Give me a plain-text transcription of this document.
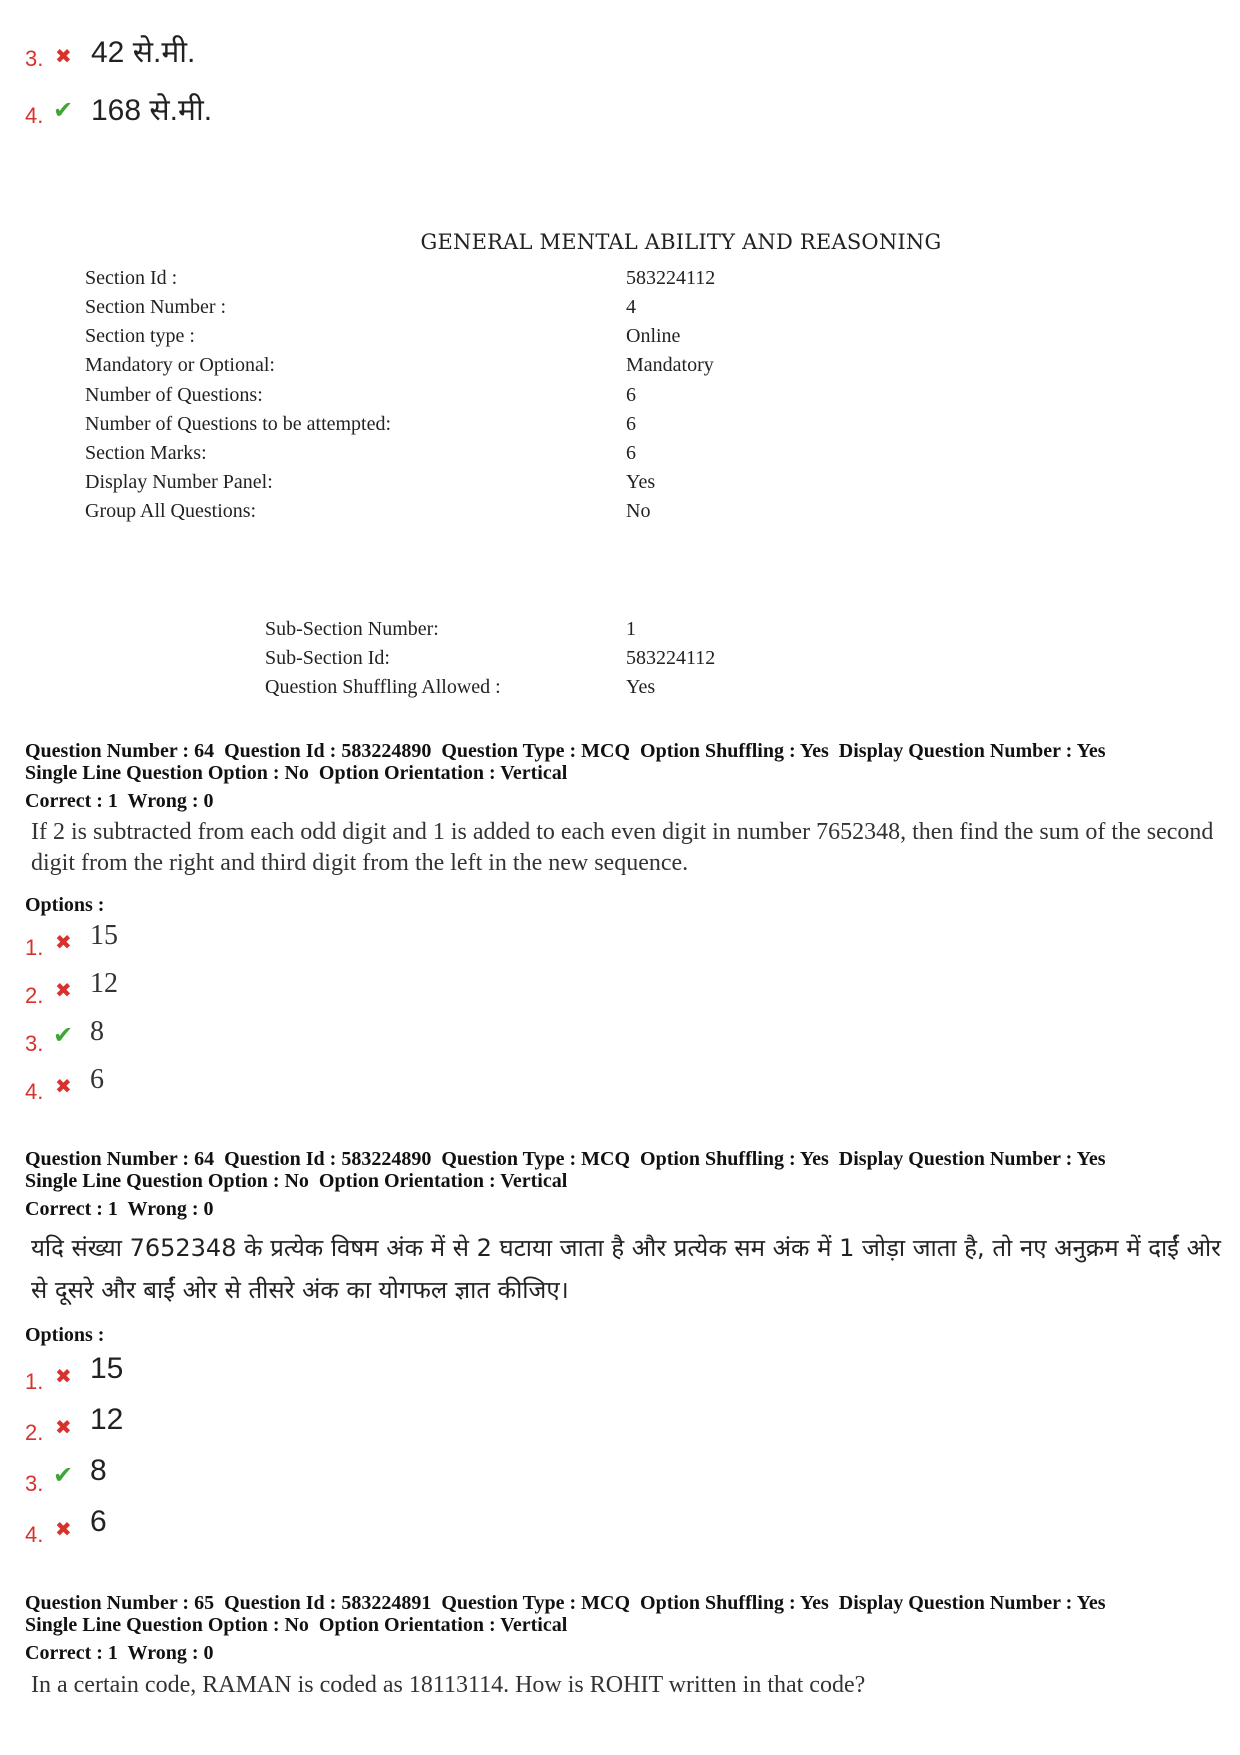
3. ✖ 42 से.मी.
4. ✔ 168 से.मी.
GENERAL MENTAL ABILITY AND REASONING
Section Id :	583224112
Section Number :	4
Section type :	Online
Mandatory or Optional:	Mandatory
Number of Questions:	6
Number of Questions to be attempted:	6
Section Marks:	6
Display Number Panel:	Yes
Group All Questions:	No
Sub-Section Number:	1
Sub-Section Id:	583224112
Question Shuffling Allowed :	Yes
Question Number : 64  Question Id : 583224890  Question Type : MCQ  Option Shuffling : Yes  Display Question Number : Yes
Single Line Question Option : No  Option Orientation : Vertical
Correct : 1  Wrong : 0
If 2 is subtracted from each odd digit and 1 is added to each even digit in number 7652348, then find the sum of the second digit from the right and third digit from the left in the new sequence.
Options :
1. ✖ 15
2. ✖ 12
3. ✔ 8
4. ✖ 6
Question Number : 64  Question Id : 583224890  Question Type : MCQ  Option Shuffling : Yes  Display Question Number : Yes
Single Line Question Option : No  Option Orientation : Vertical
Correct : 1  Wrong : 0
यदि संख्या 7652348 के प्रत्येक विषम अंक में से 2 घटाया जाता है और प्रत्येक सम अंक में 1 जोड़ा जाता है, तो नए अनुक्रम में दाईं ओर से दूसरे और बाईं ओर से तीसरे अंक का योगफल ज्ञात कीजिए।
Options :
1. ✖ 15
2. ✖ 12
3. ✔ 8
4. ✖ 6
Question Number : 65  Question Id : 583224891  Question Type : MCQ  Option Shuffling : Yes  Display Question Number : Yes
Single Line Question Option : No  Option Orientation : Vertical
Correct : 1  Wrong : 0
In a certain code, RAMAN is coded as 18113114. How is ROHIT written in that code?
